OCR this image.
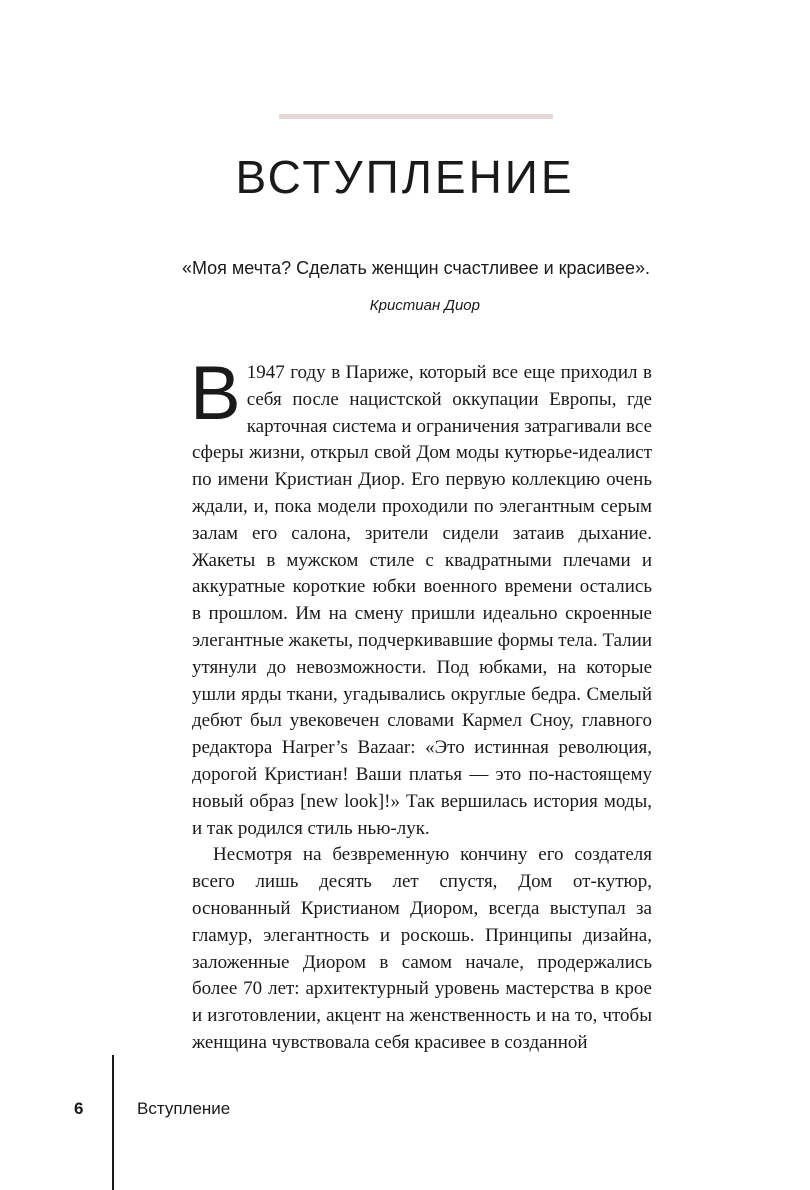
ВСТУПЛЕНИЕ

«Моя мечта? Сделать женщин счастливее и красивее».

Кристиан Диор

В 1947 году в Париже, который все еще приходил в себя после нацистской оккупации Европы, где карточная система и ограничения затрагивали все сферы жизни, открыл свой Дом моды кутюрье-идеалист по имени Кристиан Диор. Его первую коллекцию очень ждали, и, пока модели проходили по элегантным серым залам его салона, зрители сидели затаив дыхание. Жакеты в мужском стиле с квадратными плечами и аккуратные короткие юбки военного времени остались в прошлом. Им на смену пришли идеально скроенные элегантные жакеты, подчеркивавшие формы тела. Талии утянули до невозможности. Под юбками, на которые ушли ярды ткани, угадывались округлые бедра. Смелый дебют был увековечен словами Кармел Сноу, главного редактора Harper’s Bazaar: «Это истинная революция, дорогой Кристиан! Ваши платья — это по-настоящему новый образ [new look]!» Так вершилась история моды, и так родился стиль нью-лук.

Несмотря на безвременную кончину его создателя всего лишь десять лет спустя, Дом от-кутюр, основанный Кристианом Диором, всегда выступал за гламур, элегантность и роскошь. Принципы дизайна, заложенные Диором в самом начале, продержались более 70 лет: архитектурный уровень мастерства в крое и изготовлении, акцент на женственность и на то, чтобы женщина чувствовала себя красивее в созданной

6	Вступление
